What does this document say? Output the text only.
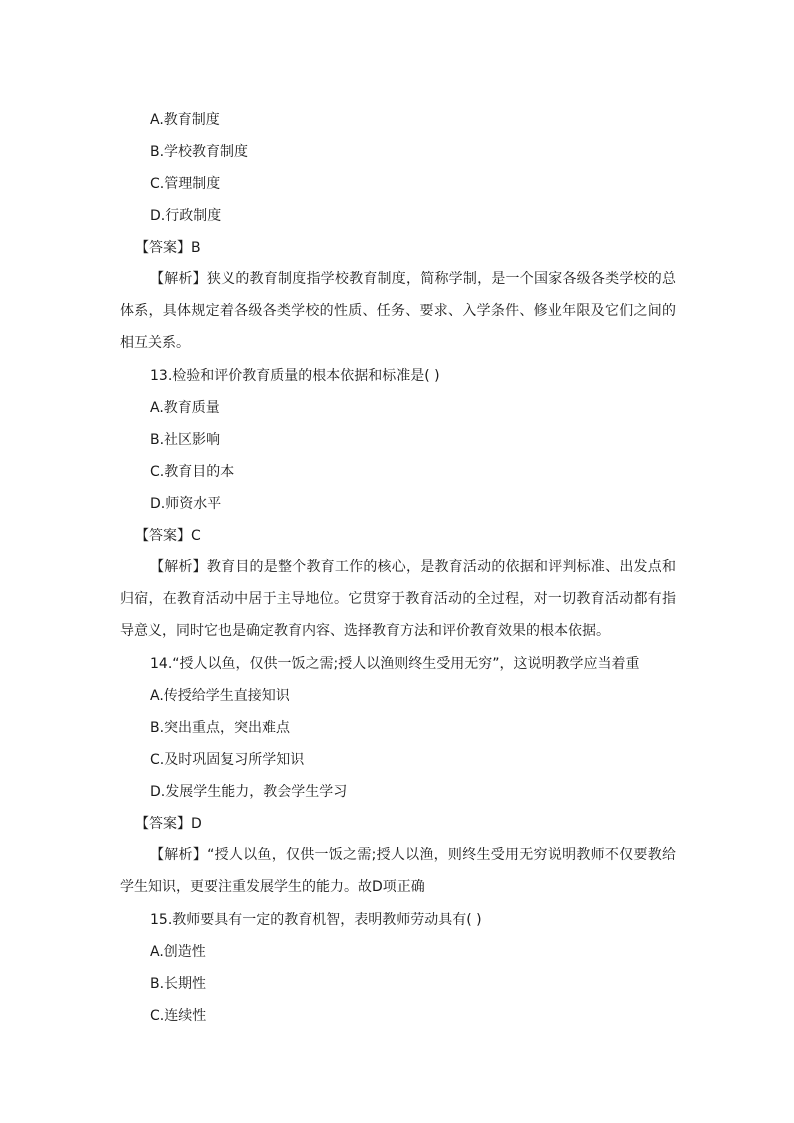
A.教育制度
B.学校教育制度
C.管理制度
D.行政制度
【答案】B
【解析】狭义的教育制度指学校教育制度，简称学制，是一个国家各级各类学校的总体系，具体规定着各级各类学校的性质、任务、要求、入学条件、修业年限及它们之间的相互关系。
13.检验和评价教育质量的根本依据和标准是( )
A.教育质量
B.社区影响
C.教育目的本
D.师资水平
【答案】C
【解析】教育目的是整个教育工作的核心，是教育活动的依据和评判标准、出发点和归宿，在教育活动中居于主导地位。它贯穿于教育活动的全过程，对一切教育活动都有指导意义，同时它也是确定教育内容、选择教育方法和评价教育效果的根本依据。
14.“授人以鱼，仅供一饭之需;授人以渔则终生受用无穷”，这说明教学应当着重
A.传授给学生直接知识
B.突出重点，突出难点
C.及时巩固复习所学知识
D.发展学生能力，教会学生学习
【答案】D
【解析】“授人以鱼，仅供一饭之需;授人以渔，则终生受用无穷说明教师不仅要教给学生知识，更要注重发展学生的能力。故D项正确
15.教师要具有一定的教育机智，表明教师劳动具有( )
A.创造性
B.长期性
C.连续性
